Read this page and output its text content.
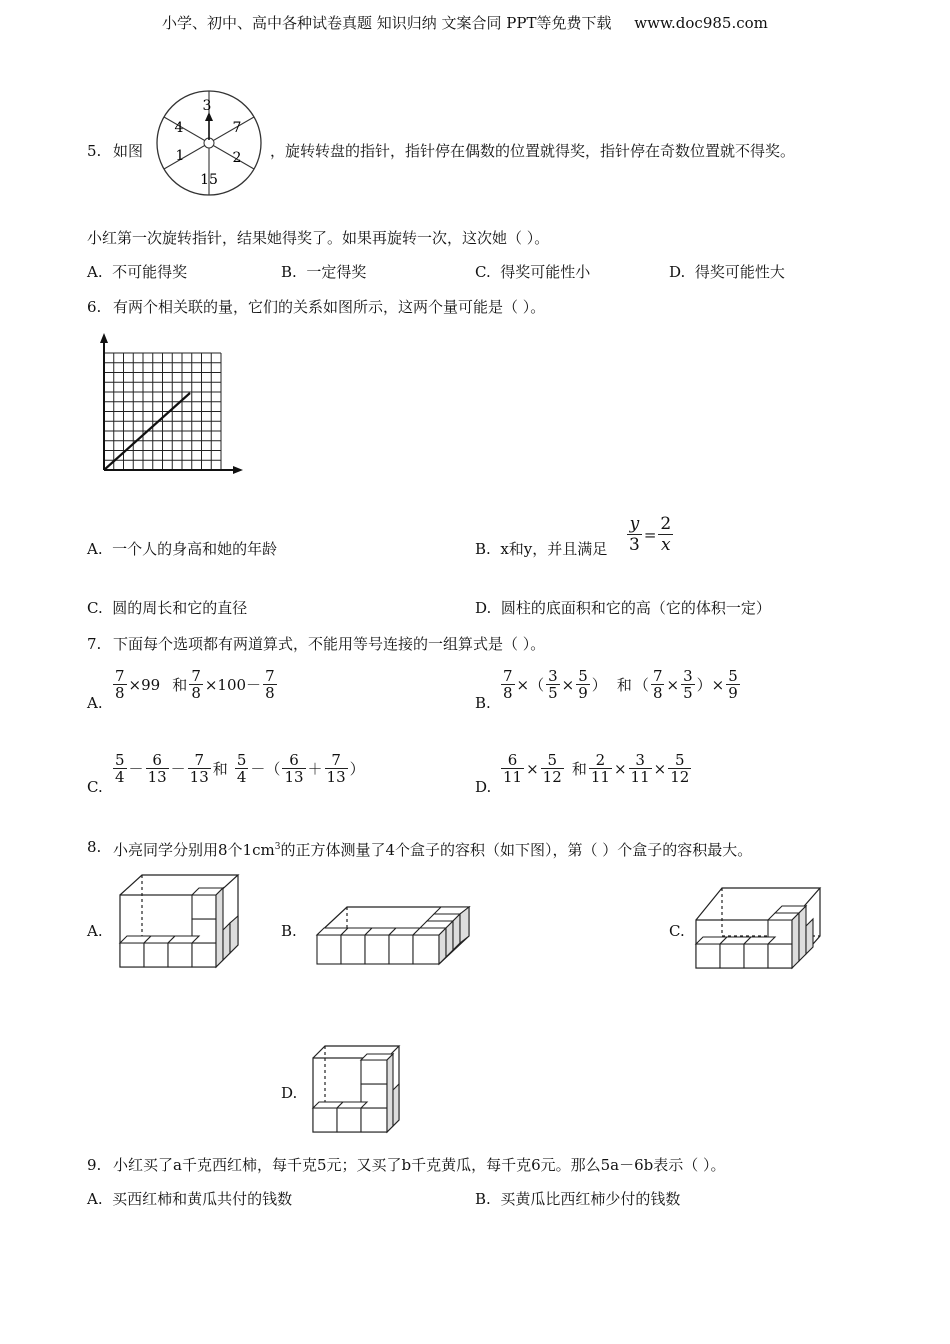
小学、初中、高中各种试卷真题 知识归纳 文案合同 PPT等免费下载 www.doc985.com
5. 如图
3
7
2
15
1
4
，旋转转盘的指针，指针停在偶数的位置就得奖，指针停在奇数位置就不得奖。
小红第一次旋转指针，结果她得奖了。如果再旋转一次，这次她（ ）。
A. 不可能得奖	B. 一定得奖	C. 得奖可能性小	D. 得奖可能性大
6. 有两个相关联的量，它们的关系如图所示，这两个量可能是（ ）。
A. 一个人的身高和她的年龄	B. x和y，并且满足 $\frac{y}{3} = \frac{2}{x}$
C. 圆的周长和它的直径	D. 圆柱的底面积和它的高（它的体积一定）
7. 下面每个选项都有两道算式，不能用等号连接的一组算式是（ ）。
A.
$\frac{7}{8} \times 99$ 和 $\frac{7}{8} \times 100- \frac{7}{8}$
B.
$\frac{7}{8}$ ×（ $\frac{3}{5} \times \frac{5}{9}$ ） 和 （ $\frac{7}{8} \times \frac{3}{5}$ ）× $\frac{5}{9}$
C.
$\frac{5}{4} - \frac{6}{13} - \frac{7}{13}$ 和 $\frac{5}{4}$ －（ $\frac{6}{13} + \frac{7}{13}$ ）
D.
$\frac{6}{11} \times \frac{5}{12}$ 和 $\frac{2}{11} \times \frac{3}{11} \times \frac{5}{12}$
8. 小亮同学分别用8个$1cm^3$的正方体测量了4个盒子的容积（如下图），第（ ）个盒子的容积最大。
A.	B.	C.
D.
9. 小红买了a千克西红柿，每千克5元；又买了b千克黄瓜，每千克6元。那么5a－6b表示（ ）。
A. 买西红柿和黄瓜共付的钱数	B. 买黄瓜比西红柿少付的钱数
